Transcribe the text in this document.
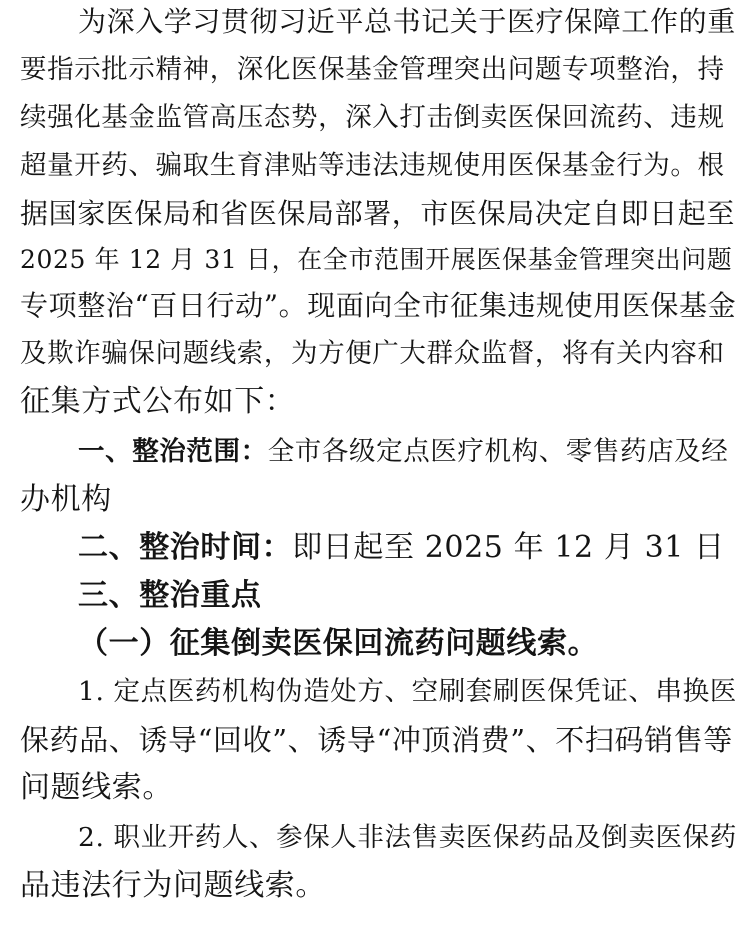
为深入学习贯彻习近平总书记关于医疗保障工作的重
要指示批示精神，深化医保基金管理突出问题专项整治，持
续强化基金监管高压态势，深入打击倒卖医保回流药、违规
超量开药、骗取生育津贴等违法违规使用医保基金行为。根
据国家医保局和省医保局部署，市医保局决定自即日起至
2025 年 12 月 31 日，在全市范围开展医保基金管理突出问题
专项整治“百日行动”。现面向全市征集违规使用医保基金
及欺诈骗保问题线索，为方便广大群众监督，将有关内容和
征集方式公布如下：
一、整治范围：全市各级定点医疗机构、零售药店及经
办机构
二、整治时间：即日起至 2025 年 12 月 31 日
三、整治重点
（一）征集倒卖医保回流药问题线索。
1. 定点医药机构伪造处方、空刷套刷医保凭证、串换医
保药品、诱导“回收”、诱导“冲顶消费”、不扫码销售等
问题线索。
2. 职业开药人、参保人非法售卖医保药品及倒卖医保药
品违法行为问题线索。
